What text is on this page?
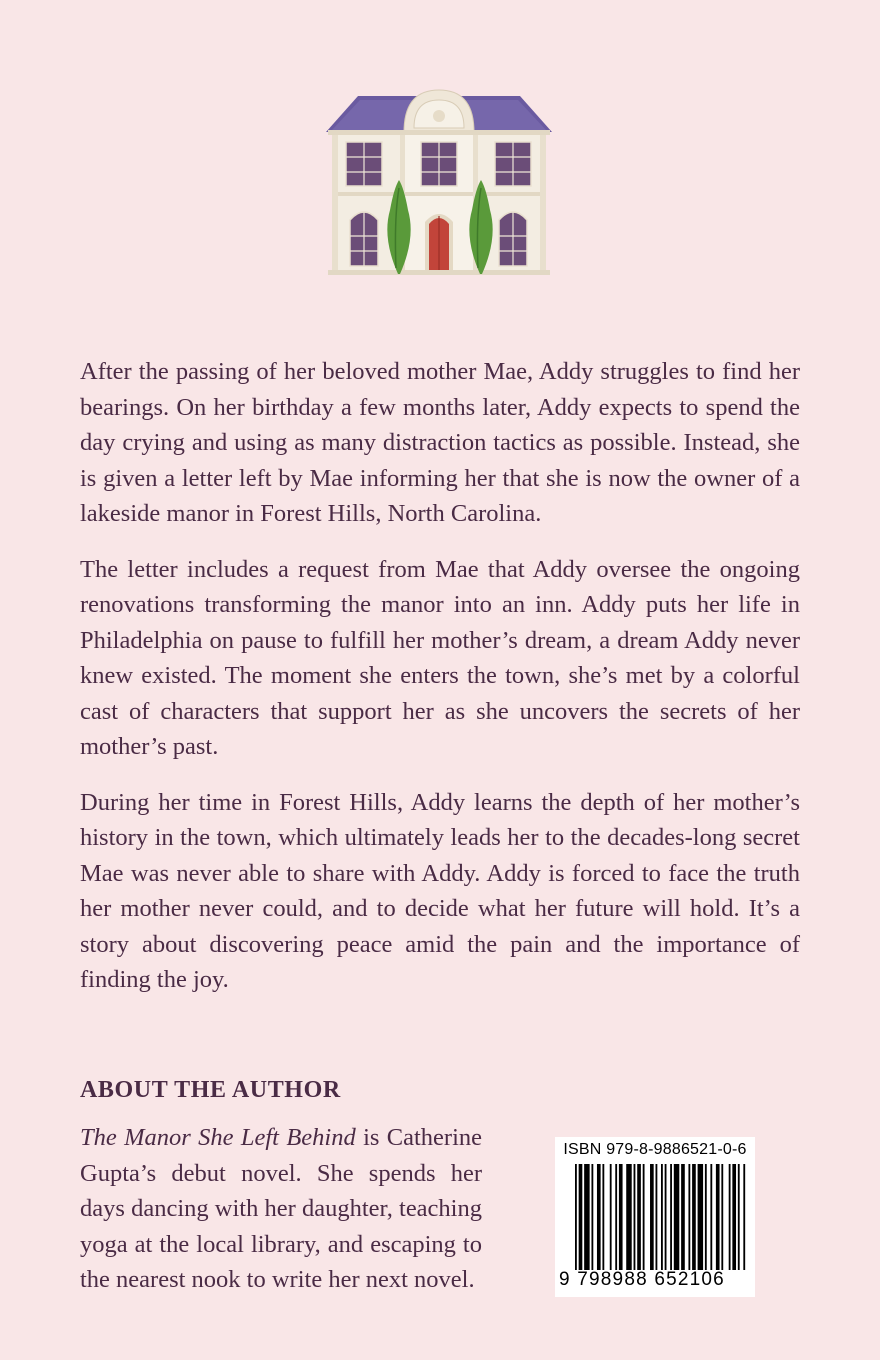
After the passing of her beloved mother Mae, Addy struggles to find her bearings. On her birthday a few months later, Addy expects to spend the day crying and using as many distraction tactics as possible. Instead, she is given a letter left by Mae informing her that she is now the owner of a lakeside manor in Forest Hills, North Carolina.

The letter includes a request from Mae that Addy oversee the ongoing renovations transforming the manor into an inn. Addy puts her life in Philadelphia on pause to fulfill her mother’s dream, a dream Addy never knew existed. The moment she enters the town, she’s met by a colorful cast of characters that support her as she uncovers the secrets of her mother’s past.

During her time in Forest Hills, Addy learns the depth of her mother’s history in the town, which ultimately leads her to the decades-long secret Mae was never able to share with Addy. Addy is forced to face the truth her mother never could, and to decide what her future will hold. It’s a story about discovering peace amid the pain and the importance of finding the joy.

ABOUT THE AUTHOR

The Manor She Left Behind is Catherine Gupta’s debut novel. She spends her days dancing with her daughter, teaching yoga at the local library, and escaping to the nearest nook to write her next novel.

ISBN 979-8-9886521-0-6
9 798988 652106
